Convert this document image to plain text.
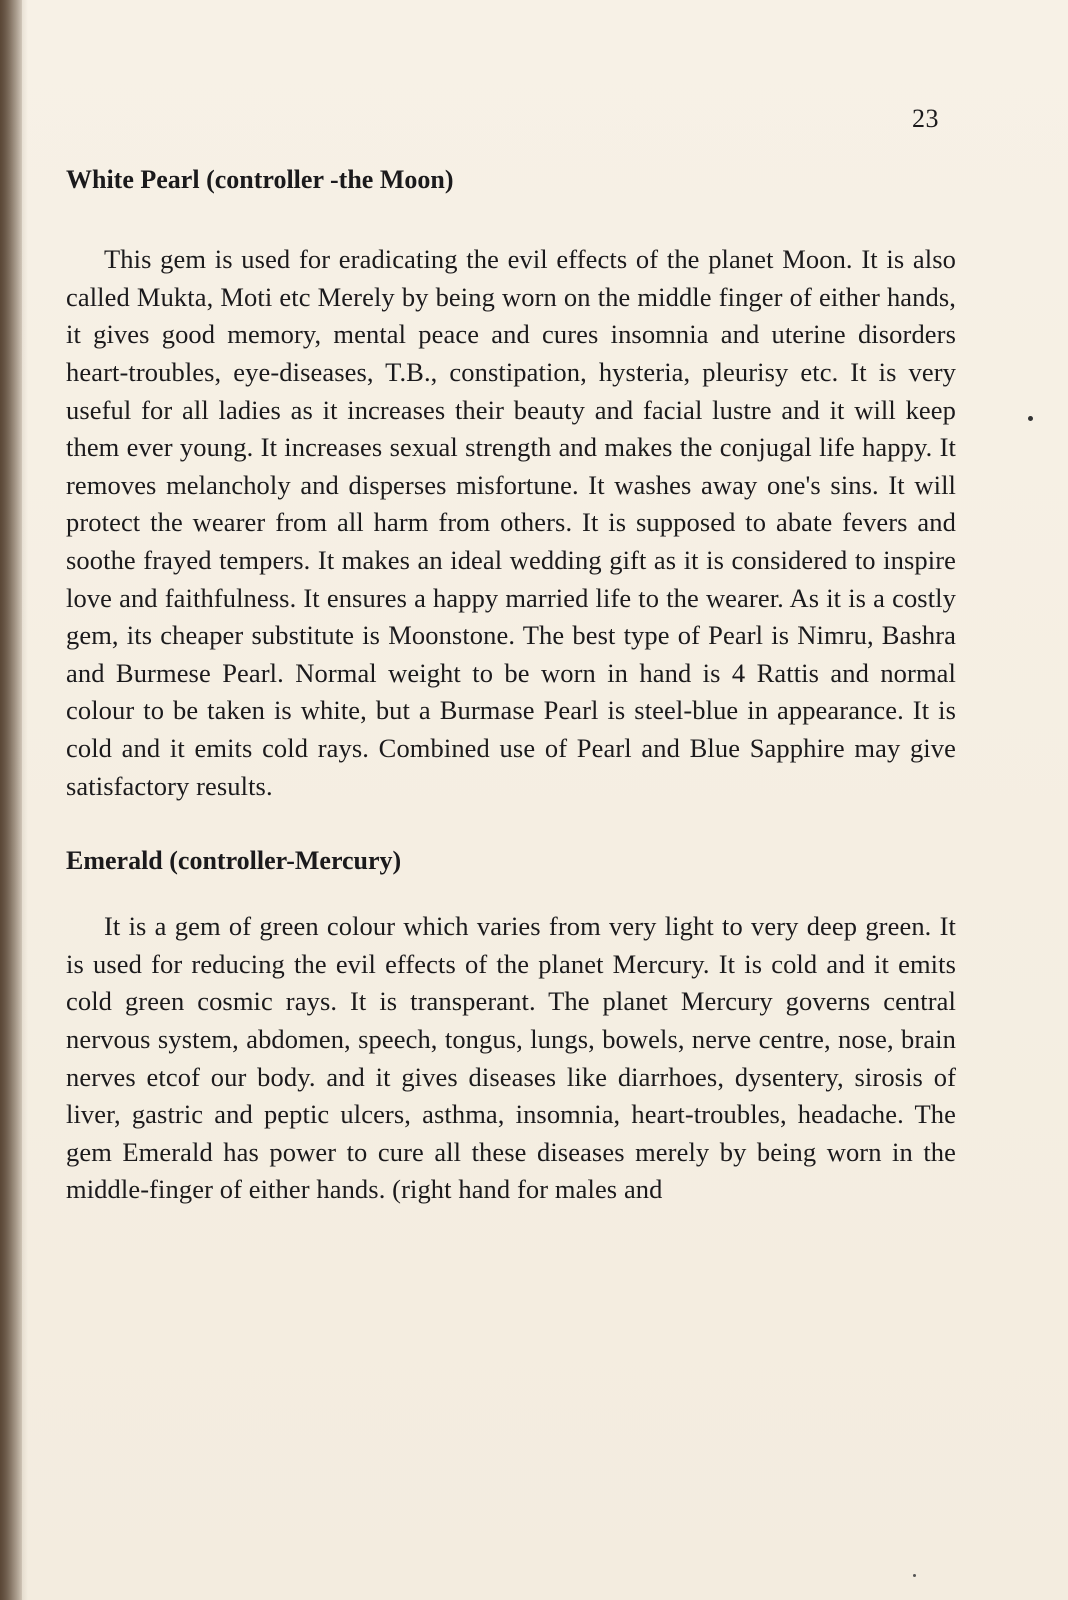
23
White Pearl (controller -the Moon)

This gem is used for eradicating the evil effects of the planet Moon. It is also called Mukta, Moti etc Merely by being worn on the middle finger of either hands, it gives good memory, mental peace and cures insomnia and uterine disorders heart-troubles, eye-diseases, T.B., constipation, hysteria, pleurisy etc. It is very useful for all ladies as it increases their beauty and facial lustre and it will keep them ever young. It increases sexual strength and makes the conjugal life happy. It removes melancholy and disperses misfortune. It washes away one's sins. It will protect the wearer from all harm from others. It is supposed to abate fevers and soothe frayed tempers. It makes an ideal wedding gift as it is considered to inspire love and faithfulness. It ensures a happy married life to the wearer. As it is a costly gem, its cheaper substitute is Moonstone. The best type of Pearl is Nimru, Bashra and Burmese Pearl. Normal weight to be worn in hand is 4 Rattis and normal colour to be taken is white, but a Burmase Pearl is steel-blue in appearance. It is cold and it emits cold rays. Combined use of Pearl and Blue Sapphire may give satisfactory results.

Emerald (controller-Mercury)

It is a gem of green colour which varies from very light to very deep green. It is used for reducing the evil effects of the planet Mercury. It is cold and it emits cold green cosmic rays. It is transperant. The planet Mercury governs central nervous system, abdomen, speech, tongus, lungs, bowels, nerve centre, nose, brain nerves etcof our body. and it gives diseases like diarrhoes, dysentery, sirosis of liver, gastric and peptic ulcers, asthma, insomnia, heart-troubles, headache. The gem Emerald has power to cure all these diseases merely by being worn in the middle-finger of either hands. (right hand for males and
